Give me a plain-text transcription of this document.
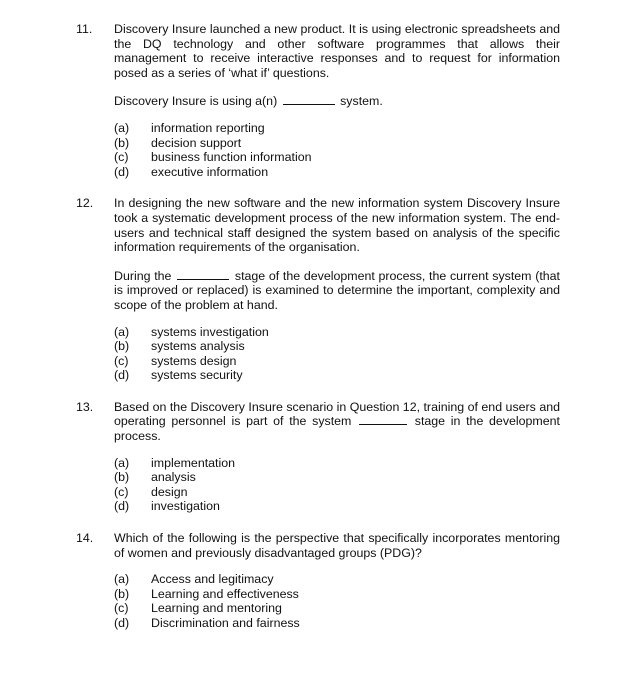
11.	Discovery Insure launched a new product. It is using electronic spreadsheets and the DQ technology and other software programmes that allows their management to receive interactive responses and to request for information posed as a series of ‘what if’ questions.

Discovery Insure is using a(n)	system.

(a)	information reporting
(b)	decision support
(c)	business function information
(d)	executive information
12.	In designing the new software and the new information system Discovery Insure took a systematic development process of the new information system. The end-users and technical staff designed the system based on analysis of the specific information requirements of the organisation.

During the	stage of the development process, the current system (that is improved or replaced) is examined to determine the important, complexity and scope of the problem at hand.

(a)	systems investigation
(b)	systems analysis
(c)	systems design
(d)	systems security
13.	Based on the Discovery Insure scenario in Question 12, training of end users and operating personnel is part of the system	stage in the development process.

(a)	implementation
(b)	analysis
(c)	design
(d)	investigation
14.	Which of the following is the perspective that specifically incorporates mentoring of women and previously disadvantaged groups (PDG)?

(a)	Access and legitimacy
(b)	Learning and effectiveness
(c)	Learning and mentoring
(d)	Discrimination and fairness
